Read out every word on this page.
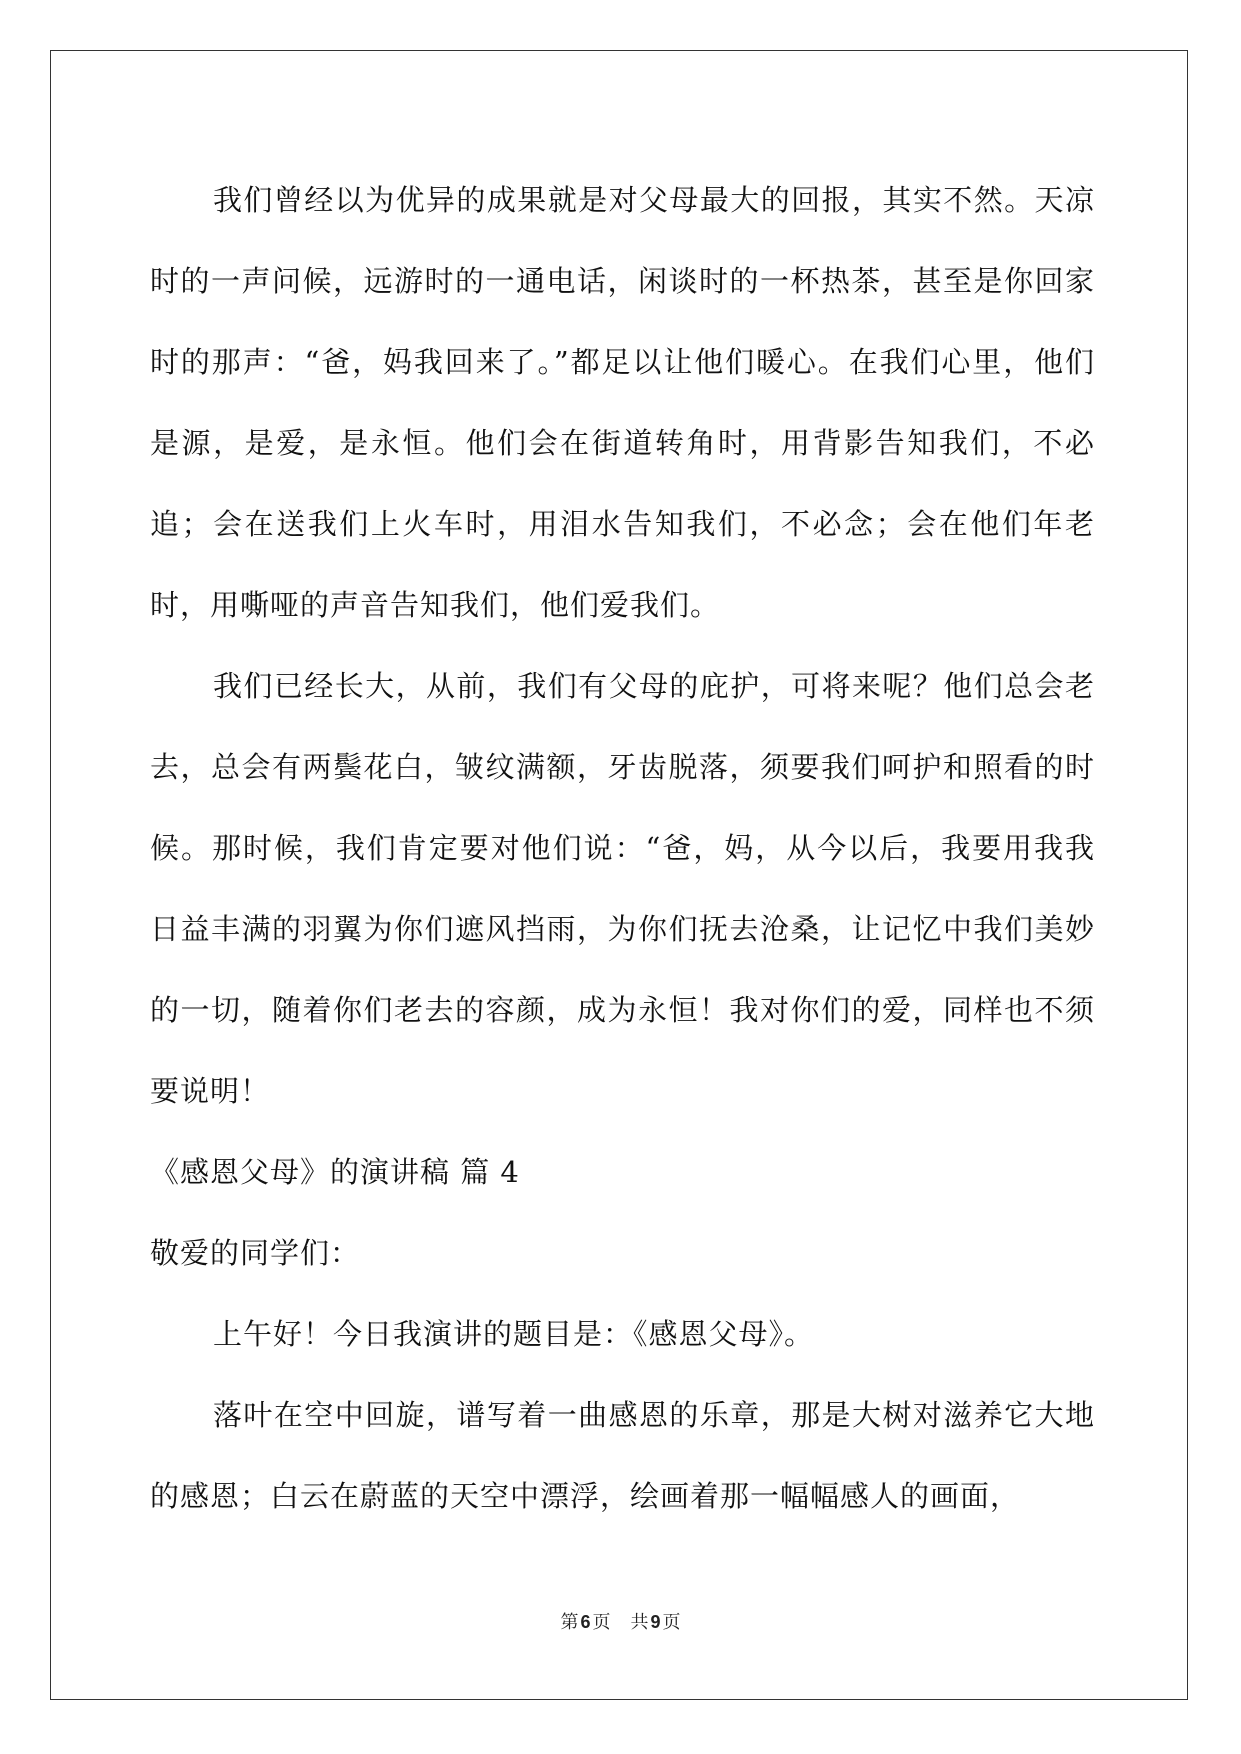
我们曾经以为优异的成果就是对父母最大的回报，其实不然。天凉时的一声问候，远游时的一通电话，闲谈时的一杯热茶，甚至是你回家时的那声：“爸，妈我回来了。”都足以让他们暖心。在我们心里，他们是源，是爱，是永恒。他们会在街道转角时，用背影告知我们，不必追；会在送我们上火车时，用泪水告知我们，不必念；会在他们年老时，用嘶哑的声音告知我们，他们爱我们。

我们已经长大，从前，我们有父母的庇护，可将来呢？他们总会老去，总会有两鬓花白，皱纹满额，牙齿脱落，须要我们呵护和照看的时候。那时候，我们肯定要对他们说：“爸，妈，从今以后，我要用我我日益丰满的羽翼为你们遮风挡雨，为你们抚去沧桑，让记忆中我们美妙的一切，随着你们老去的容颜，成为永恒！我对你们的爱，同样也不须要说明！

《感恩父母》的演讲稿 篇 4

敬爱的同学们：

上午好！今日我演讲的题目是：《感恩父母》。

落叶在空中回旋，谱写着一曲感恩的乐章，那是大树对滋养它大地的感恩；白云在蔚蓝的天空中漂浮，绘画着那一幅幅感人的画面，

第 6 页 共 9 页
